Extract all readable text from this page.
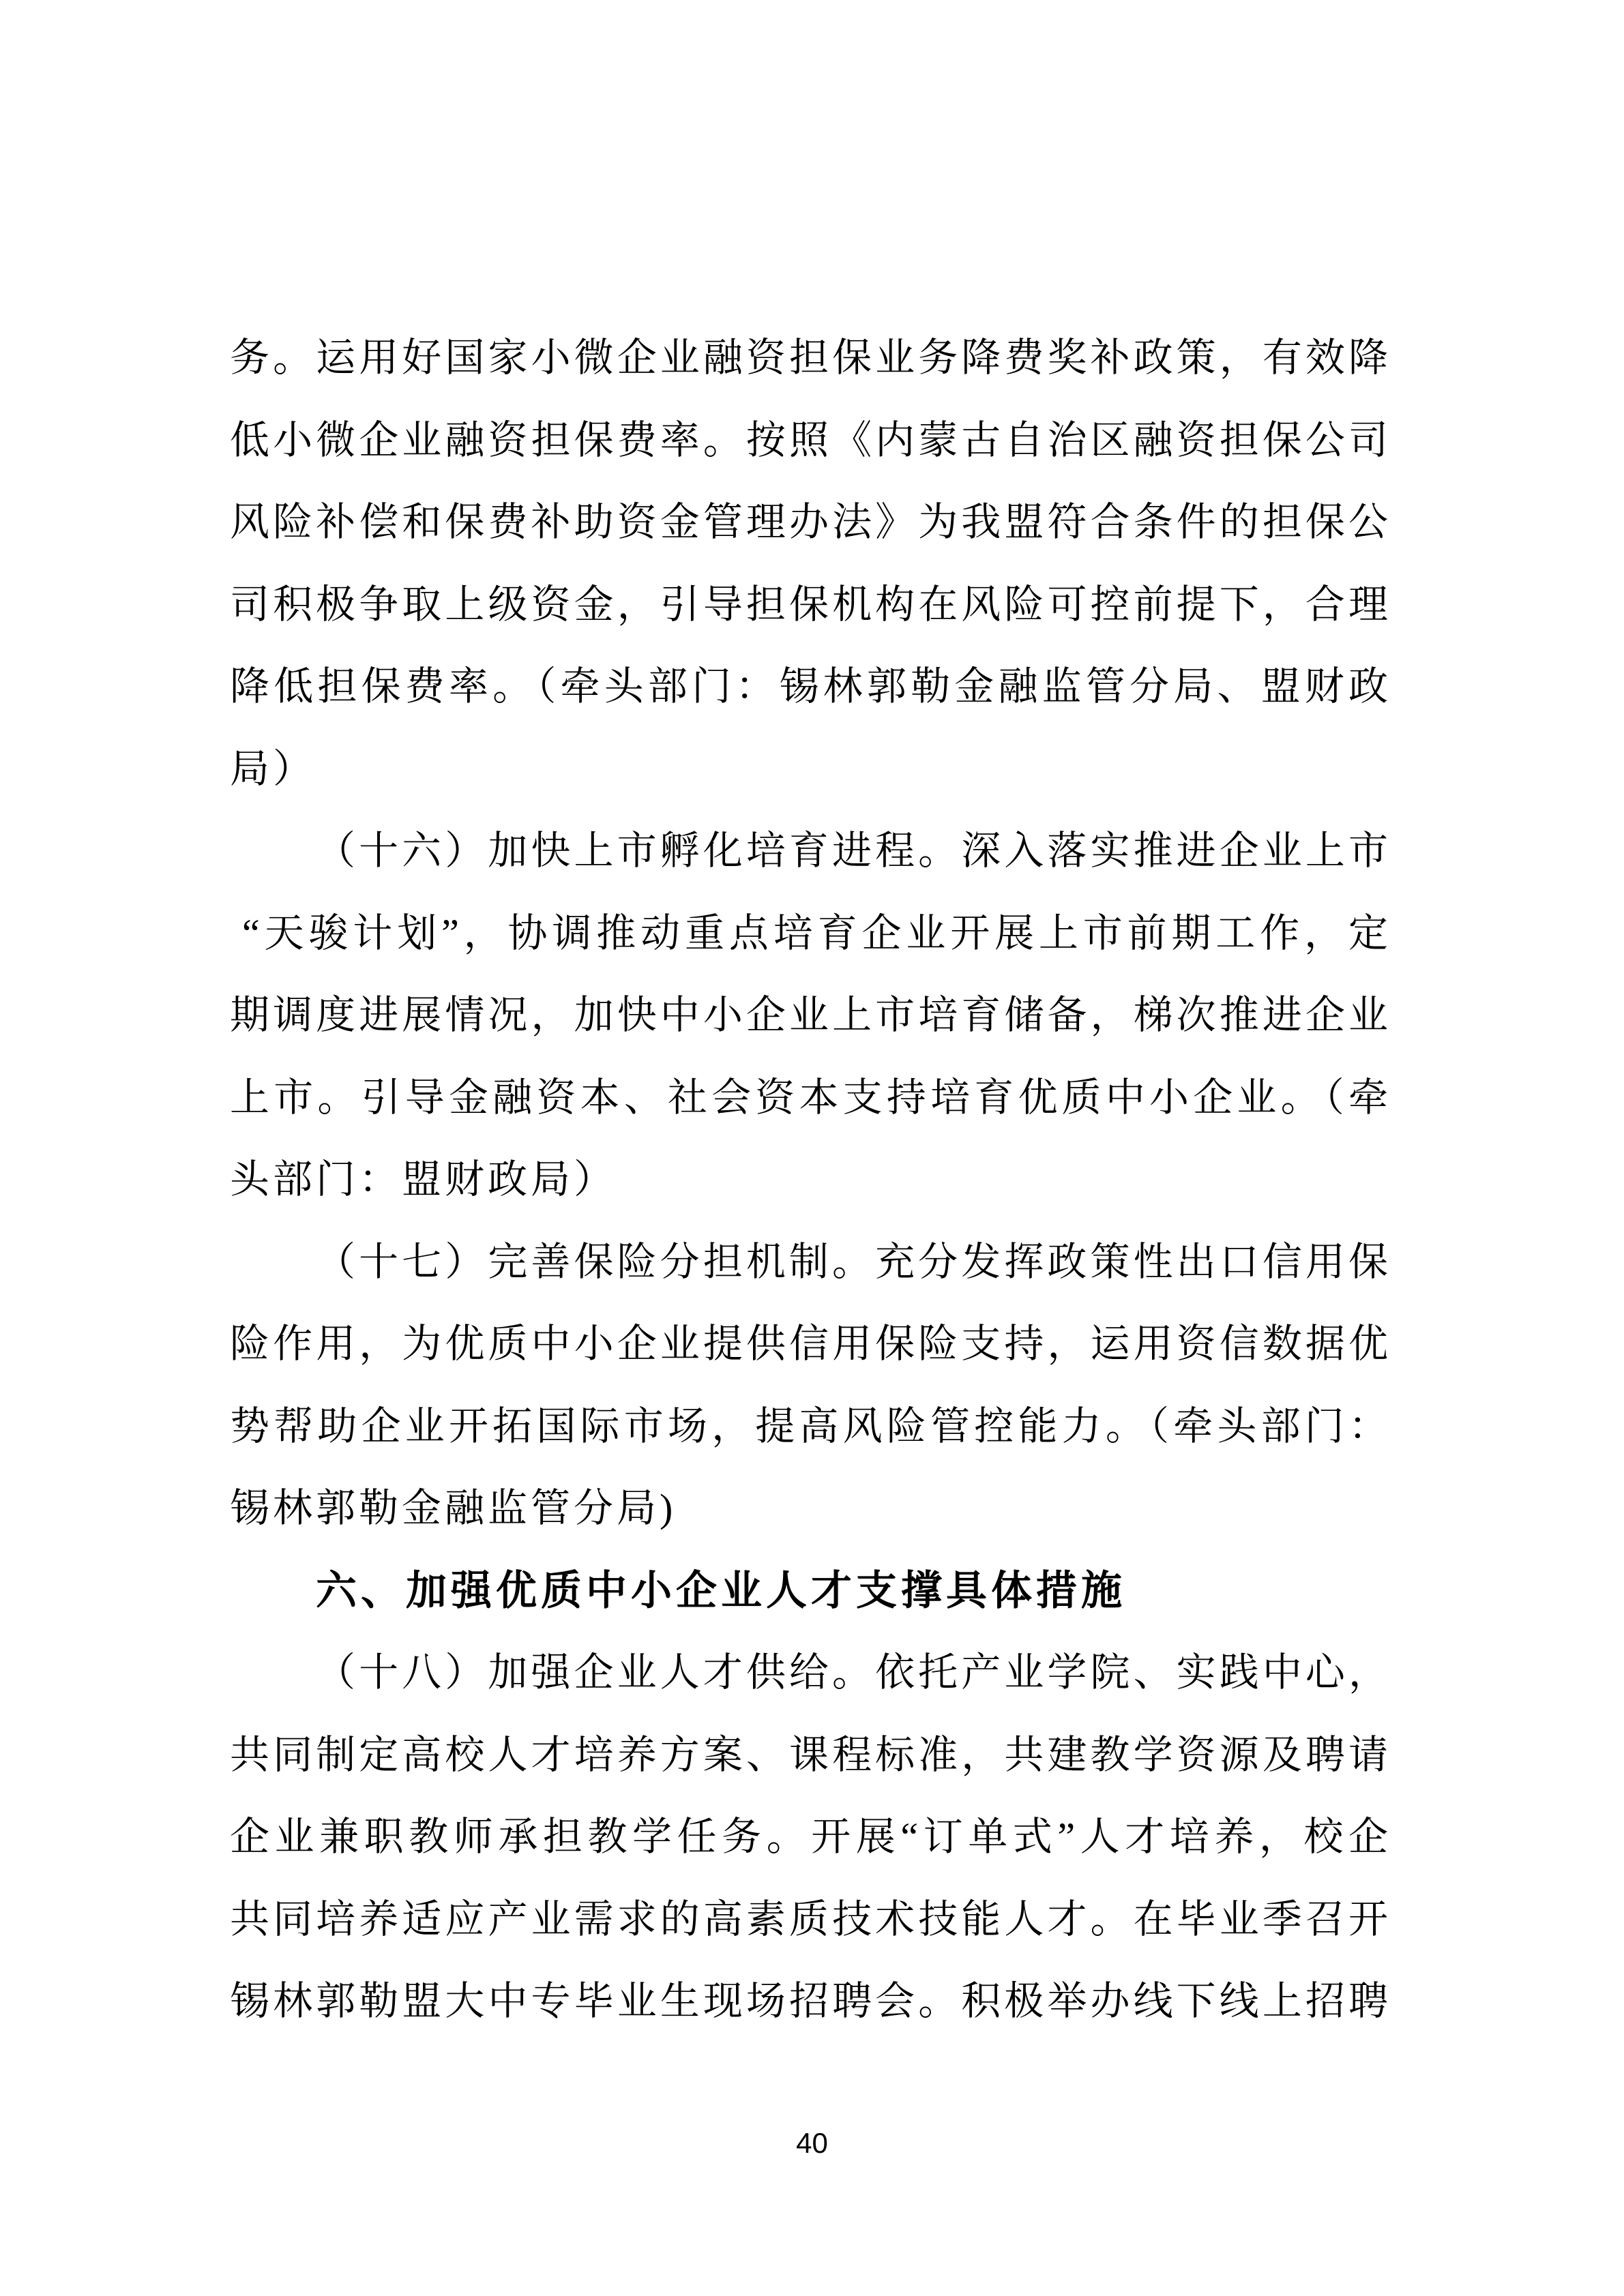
务。运用好国家小微企业融资担保业务降费奖补政策，有效降
低小微企业融资担保费率。按照《内蒙古自治区融资担保公司
风险补偿和保费补助资金管理办法》为我盟符合条件的担保公
司积极争取上级资金，引导担保机构在风险可控前提下，合理
降低担保费率。（牵头部门：锡林郭勒金融监管分局、盟财政
局）
（十六）加快上市孵化培育进程。深入落实推进企业上市
“天骏计划”，协调推动重点培育企业开展上市前期工作，定
期调度进展情况，加快中小企业上市培育储备，梯次推进企业
上市。引导金融资本、社会资本支持培育优质中小企业。（牵
头部门：盟财政局）
（十七）完善保险分担机制。充分发挥政策性出口信用保
险作用，为优质中小企业提供信用保险支持，运用资信数据优
势帮助企业开拓国际市场，提高风险管控能力。（牵头部门：
锡林郭勒金融监管分局)
六、加强优质中小企业人才支撑具体措施
（十八）加强企业人才供给。依托产业学院、实践中心，
共同制定高校人才培养方案、课程标准，共建教学资源及聘请
企业兼职教师承担教学任务。开展“订单式”人才培养，校企
共同培养适应产业需求的高素质技术技能人才。在毕业季召开
锡林郭勒盟大中专毕业生现场招聘会。积极举办线下线上招聘
40
